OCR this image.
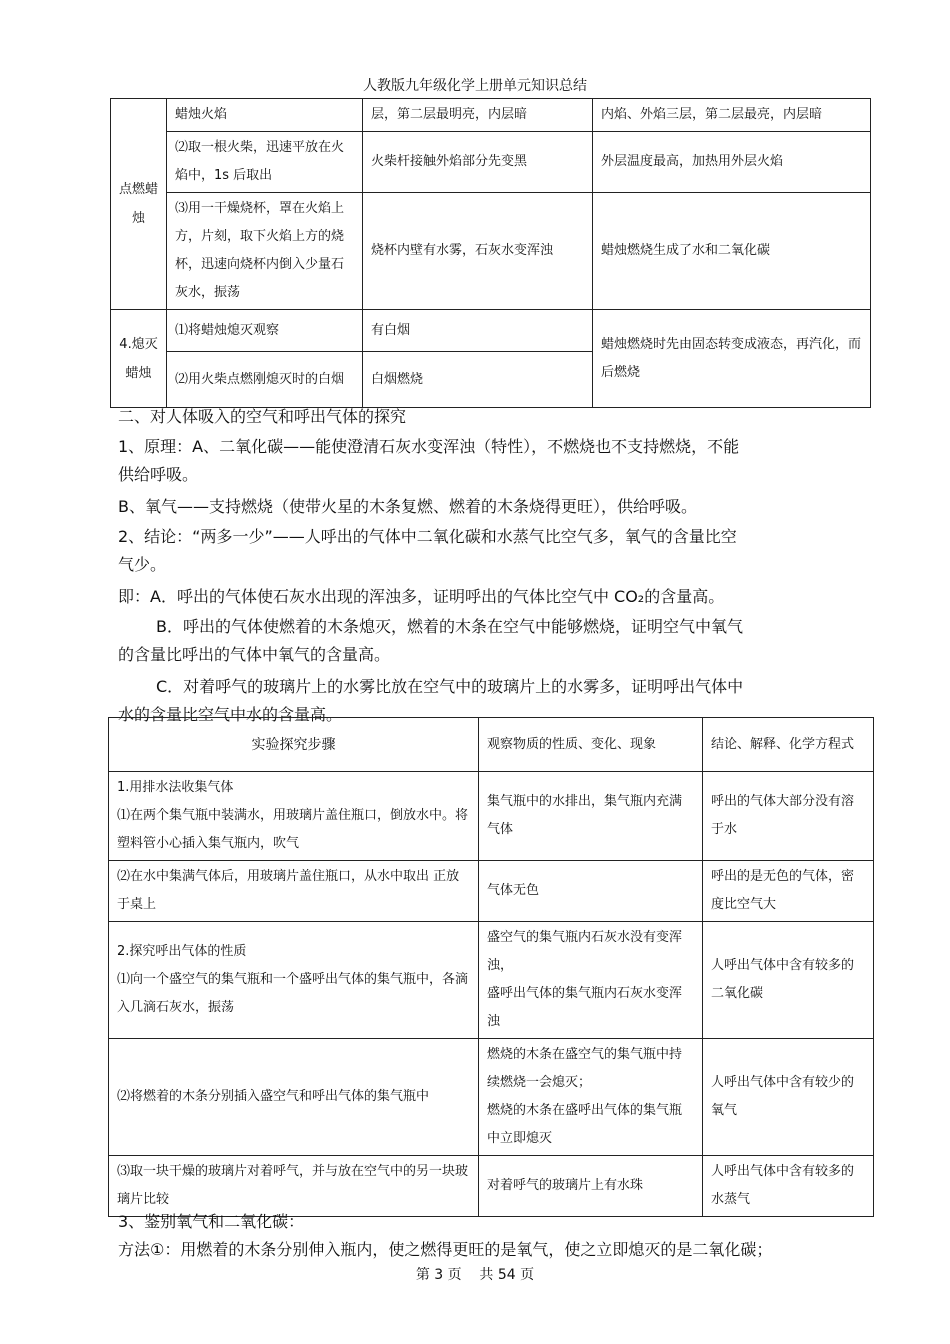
人教版九年级化学上册单元知识总结
点燃蜡烛	蜡烛火焰	层，第二层最明亮，内层暗	内焰、外焰三层，第二层最亮，内层暗
	⑵取一根火柴，迅速平放在火焰中，1s 后取出	火柴杆接触外焰部分先变黑	外层温度最高，加热用外层火焰
	⑶用一干燥烧杯，罩在火焰上方，片刻，取下火焰上方的烧杯，迅速向烧杯内倒入少量石灰水，振荡	烧杯内壁有水雾，石灰水变浑浊	蜡烛燃烧生成了水和二氧化碳
4.熄灭蜡烛	⑴将蜡烛熄灭观察	有白烟	蜡烛燃烧时先由固态转变成液态，再汽化，而后燃烧
	⑵用火柴点燃刚熄灭时的白烟	白烟燃烧	
二、对人体吸入的空气和呼出气体的探究
1、原理：A、二氧化碳——能使澄清石灰水变浑浊（特性），不燃烧也不支持燃烧，不能
供给呼吸。
B、氧气——支持燃烧（使带火星的木条复燃、燃着的木条烧得更旺），供给呼吸。
2、结论：“两多一少”——人呼出的气体中二氧化碳和水蒸气比空气多，氧气的含量比空
气少。
即：A．呼出的气体使石灰水出现的浑浊多，证明呼出的气体比空气中 CO₂的含量高。
B．呼出的气体使燃着的木条熄灭，燃着的木条在空气中能够燃烧，证明空气中氧气
的含量比呼出的气体中氧气的含量高。
C．对着呼气的玻璃片上的水雾比放在空气中的玻璃片上的水雾多，证明呼出气体中
水的含量比空气中水的含量高。
实验探究步骤	观察物质的性质、变化、现象	结论、解释、化学方程式
1.用排水法收集气体
⑴在两个集气瓶中装满水，用玻璃片盖住瓶口，倒放水中。将塑料管小心插入集气瓶内，吹气	集气瓶中的水排出，集气瓶内充满气体	呼出的气体大部分没有溶于水
⑵在水中集满气体后，用玻璃片盖住瓶口，从水中取出 正放于桌上	气体无色	呼出的是无色的气体，密度比空气大
2.探究呼出气体的性质
⑴向一个盛空气的集气瓶和一个盛呼出气体的集气瓶中，各滴入几滴石灰水，振荡	盛空气的集气瓶内石灰水没有变浑浊，
盛呼出气体的集气瓶内石灰水变浑浊	人呼出气体中含有较多的二氧化碳
⑵将燃着的木条分别插入盛空气和呼出气体的集气瓶中	燃烧的木条在盛空气的集气瓶中持续燃烧一会熄灭；
燃烧的木条在盛呼出气体的集气瓶中立即熄灭	人呼出气体中含有较少的氧气
⑶取一块干燥的玻璃片对着呼气，并与放在空气中的另一块玻璃片比较	对着呼气的玻璃片上有水珠	人呼出气体中含有较多的水蒸气
3、鉴别氧气和二氧化碳：
方法①：用燃着的木条分别伸入瓶内，使之燃得更旺的是氧气，使之立即熄灭的是二氧化碳；
第 3 页    共 54 页
